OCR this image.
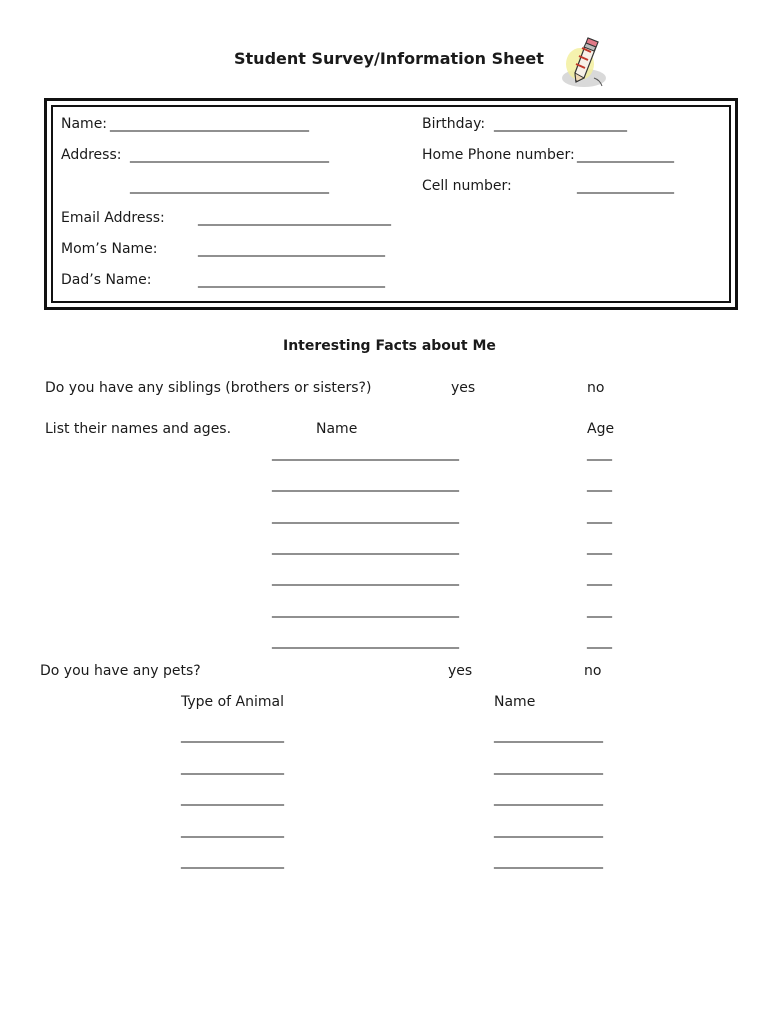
Student Survey/Information Sheet
Name: _________________________________	Birthday: ______________________
Address: _________________________________	Home Phone number: ________________
_________________________________	Cell number:	________________
Email Address: ________________________________
Mom’s Name:	_______________________________
Dad’s Name:	_______________________________
Interesting Facts about Me
Do you have any siblings (brothers or sisters?)	yes	no
List their names and ages.	Name	Age
_______________________________	____
_______________________________	____
_______________________________	____
_______________________________	____
_______________________________	____
_______________________________	____
_______________________________	____
Do you have any pets?	yes	no
Type of Animal	Name
_________________	__________________
_________________	__________________
_________________	__________________
_________________	__________________
_________________	__________________
